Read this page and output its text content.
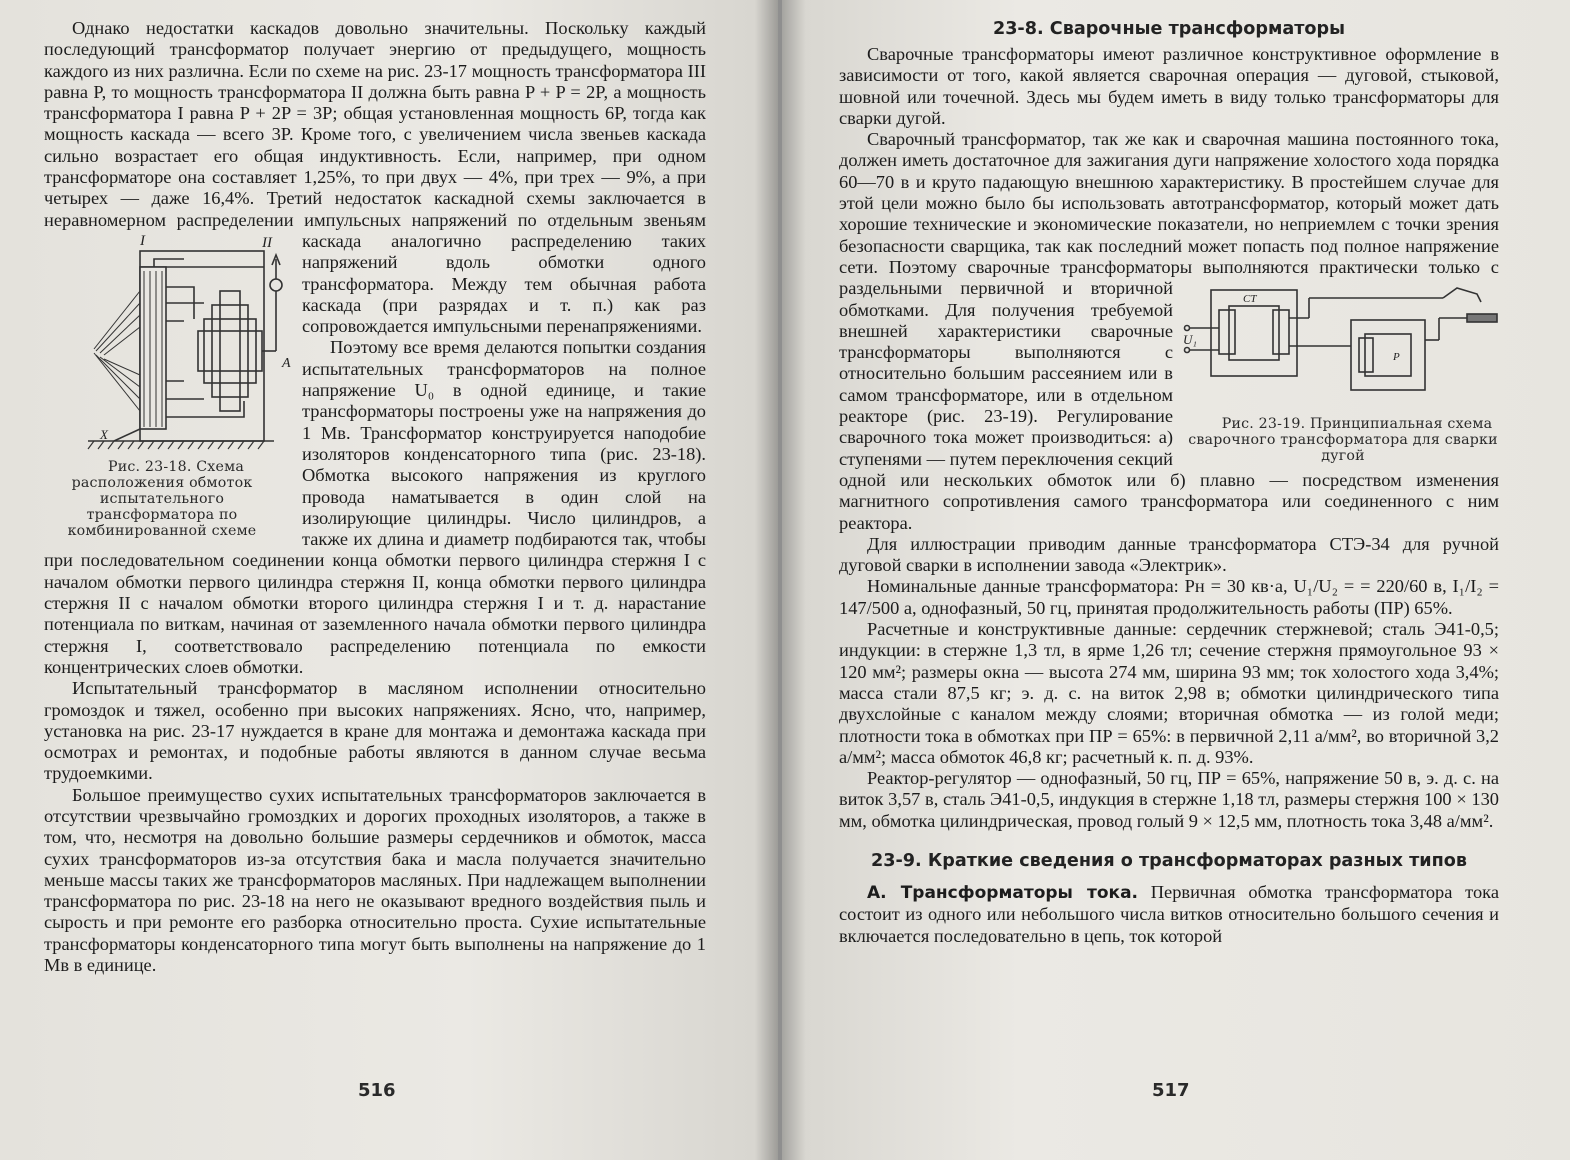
Однако недостатки каскадов довольно значительны. Поскольку каждый последующий трансформатор получает энергию от предыдущего, мощность каждого из них различна. Если по схеме на рис. 23-17 мощность трансформатора III равна P, то мощность трансформатора II должна быть равна P + P = 2P, а мощность трансформатора I равна P + 2P = 3P; общая установленная мощность 6P, тогда как мощность каскада — всего 3P. Кроме того, с увеличением числа звеньев каскада сильно возрастает его общая индуктивность. Если, например, при одном трансформаторе она составляет 1,25%, то при двух — 4%, при трех — 9%, а при четырех — даже 16,4%. Третий недостаток каскадной схемы заключается в неравномерном распределении импульсных напряжений по отдельным звеньям каскада ана
I	II
A
X
Рис. 23-18. Схема расположения обмоток испытательного трансформатора по комбинированной схеме
логично распределению таких напряжений вдоль обмотки одного трансформатора. Между тем обычная работа каскада (при разрядах и т. п.) как раз сопровождается импульсными перенапряжениями.

Поэтому все время делаются попытки создания испытательных трансформаторов на полное напряжение U₀ в одной единице, и такие трансформаторы построены уже на напряжения до 1 Мв. Трансформатор конструируется наподобие изоляторов конденсаторного типа (рис. 23-18). Обмотка высокого напряжения из круглого провода наматывается в один слой на изолирующие цилиндры. Число цилиндров, а также их длина и диаметр подбираются так, чтобы при последовательном соединении конца обмотки первого цилиндра стержня I с началом обмотки первого цилиндра стержня II, конца обмотки первого цилиндра стержня II с началом обмотки второго цилиндра стержня I и т. д. нарастание потенциала по виткам, начиная от заземленного начала обмотки первого цилиндра стержня I, соответствовало распределению потенциала по емкости концентрических слоев обмотки.

Испытательный трансформатор в масляном исполнении относительно громоздок и тяжел, особенно при высоких напряжениях. Ясно, что, например, установка на рис. 23-17 нуждается в кране для монтажа и демонтажа каскада при осмотрах и ремонтах, и подобные работы являются в данном случае весьма трудоемкими.

Большое преимущество сухих испытательных трансформаторов заключается в отсутствии чрезвычайно громоздких и дорогих проходных изоляторов, а также в том, что, несмотря на довольно большие размеры сердечников и обмоток, масса сухих трансформаторов из-за отсутствия бака и масла получается значительно меньше массы таких же трансформаторов масляных. При надлежащем выполнении трансформатора по рис. 23-18 на него не оказывают вредного воздействия пыль и сырость и при ремонте его разборка относительно проста. Сухие испытательные трансформаторы конденсаторного типа могут быть выполнены на напряжение до 1 Мв в единице.

516
23-8. Сварочные трансформаторы

Сварочные трансформаторы имеют различное конструктивное оформление в зависимости от того, какой является сварочная операция — дуговой, стыковой, шовной или точечной. Здесь мы будем иметь в виду только трансформаторы для сварки дугой.

Сварочный трансформатор, так же как и сварочная машина постоянного тока, должен иметь достаточное для зажигания дуги напряжение холостого хода порядка 60—70 в и круто падающую внешнюю характеристику. В простейшем случае для этой цели можно было бы использовать автотрансформатор, который может дать хорошие технические и экономические показатели, но неприемлем с точки зрения безопасности сварщика, так как последний может попасть под полное напряжение сети. Поэтому сварочные трансформаторы
СТ
U₁
P
Рис. 23-19. Принципиальная схема сварочного трансформатора для сварки дугой
выполняются практически только с раздельными первичной и вторичной обмотками. Для получения требуемой внешней характеристики сварочные трансформаторы выполняются с относительно большим рассеянием или в самом трансформаторе, или в отдельном реакторе (рис. 23-19). Регулирование сварочного тока может производиться: а) ступенями — путем переключения секций одной или нескольких обмоток или б) плавно — посредством изменения магнитного сопротивления самого трансформатора или соединенного с ним реактора.

Для иллюстрации приводим данные трансформатора СТЭ-34 для ручной дуговой сварки в исполнении завода «Электрик».

Номинальные данные трансформатора: Pн = 30 кв·а, U₁/U₂ = = 220/60 в, I₁/I₂ = 147/500 а, однофазный, 50 гц, принятая продолжительность работы (ПР) 65%.

Расчетные и конструктивные данные: сердечник стержневой; сталь Э41-0,5; индукции: в стержне 1,3 тл, в ярме 1,26 тл; сечение стержня прямоугольное 93 × 120 мм²; размеры окна — высота 274 мм, ширина 93 мм; ток холостого хода 3,4%; масса стали 87,5 кг; э. д. с. на виток 2,98 в; обмотки цилиндрического типа двухслойные с каналом между слоями; вторичная обмотка — из голой меди; плотности тока в обмотках при ПР = 65%: в первичной 2,11 а/мм², во вторичной 3,2 а/мм²; масса обмоток 46,8 кг; расчетный к. п. д. 93%.

Реактор-регулятор — однофазный, 50 гц, ПР = 65%, напряжение 50 в, э. д. с. на виток 3,57 в, сталь Э41-0,5, индукция в стержне 1,18 тл, размеры стержня 100 × 130 мм, обмотка цилиндрическая, провод голый 9 × 12,5 мм, плотность тока 3,48 а/мм².

23-9. Краткие сведения о трансформаторах разных типов

А. Трансформаторы тока. Первичная обмотка трансформатора тока состоит из одного или небольшого числа витков относительно большого сечения и включается последовательно в цепь, ток которой

517
